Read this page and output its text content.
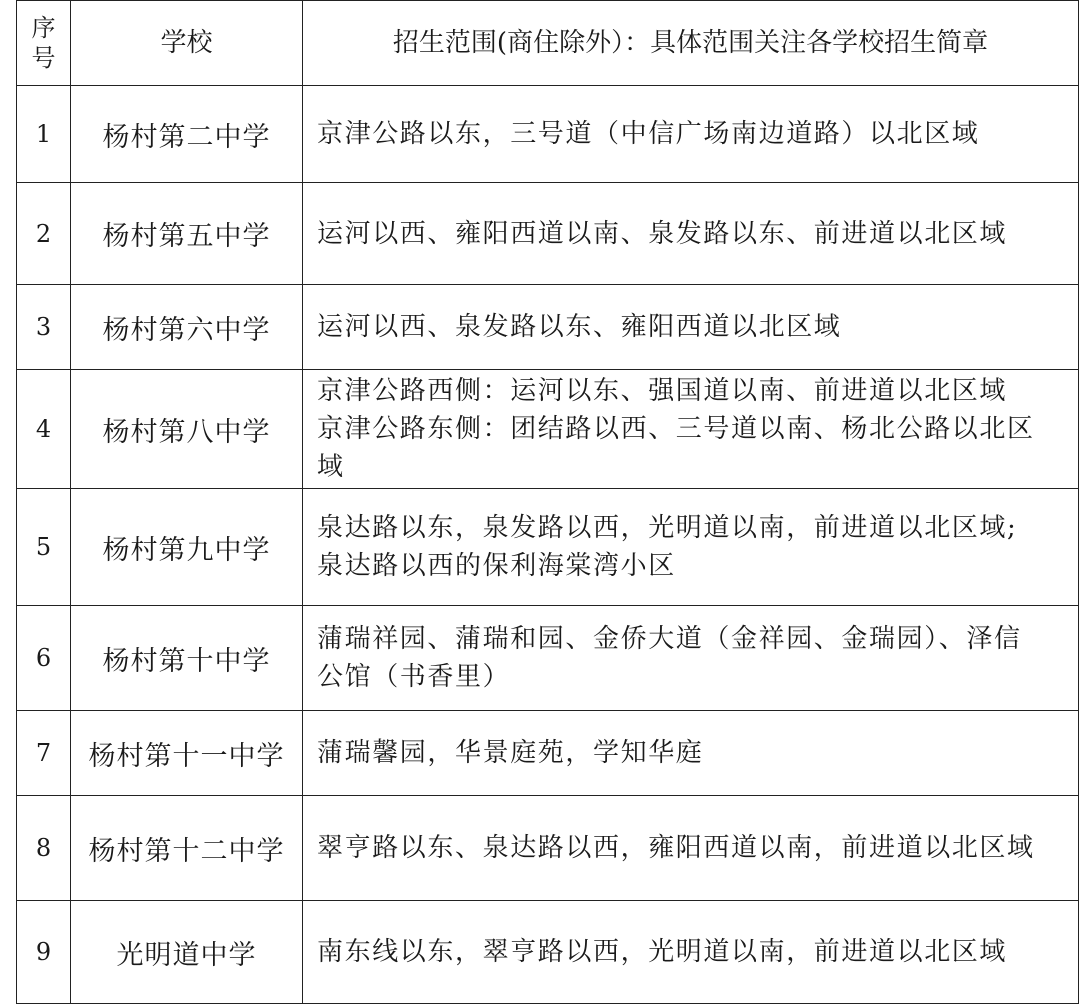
序
号	学校	招生范围(商住除外）：具体范围关注各学校招生简章
1	杨村第二中学	京津公路以东，三号道（中信广场南边道路）以北区域

2	杨村第五中学	运河以西、雍阳西道以南、泉发路以东、前进道以北区域

3	杨村第六中学	运河以西、泉发路以东、雍阳西道以北区域

4	杨村第八中学	京津公路西侧：运河以东、强国道以南、前进道以北区域
京津公路东侧：团结路以西、三号道以南、杨北公路以北区
域

5	杨村第九中学	泉达路以东，泉发路以西，光明道以南，前进道以北区域;
泉达路以西的保利海棠湾小区

6	杨村第十中学	蒲瑞祥园、蒲瑞和园、金侨大道（金祥园、金瑞园）、泽信
公馆（书香里）

7	杨村第十一中学	蒲瑞馨园，华景庭苑，学知华庭

8	杨村第十二中学	翠亨路以东、泉达路以西，雍阳西道以南，前进道以北区域

9	光明道中学	南东线以东，翠亨路以西，光明道以南，前进道以北区域
